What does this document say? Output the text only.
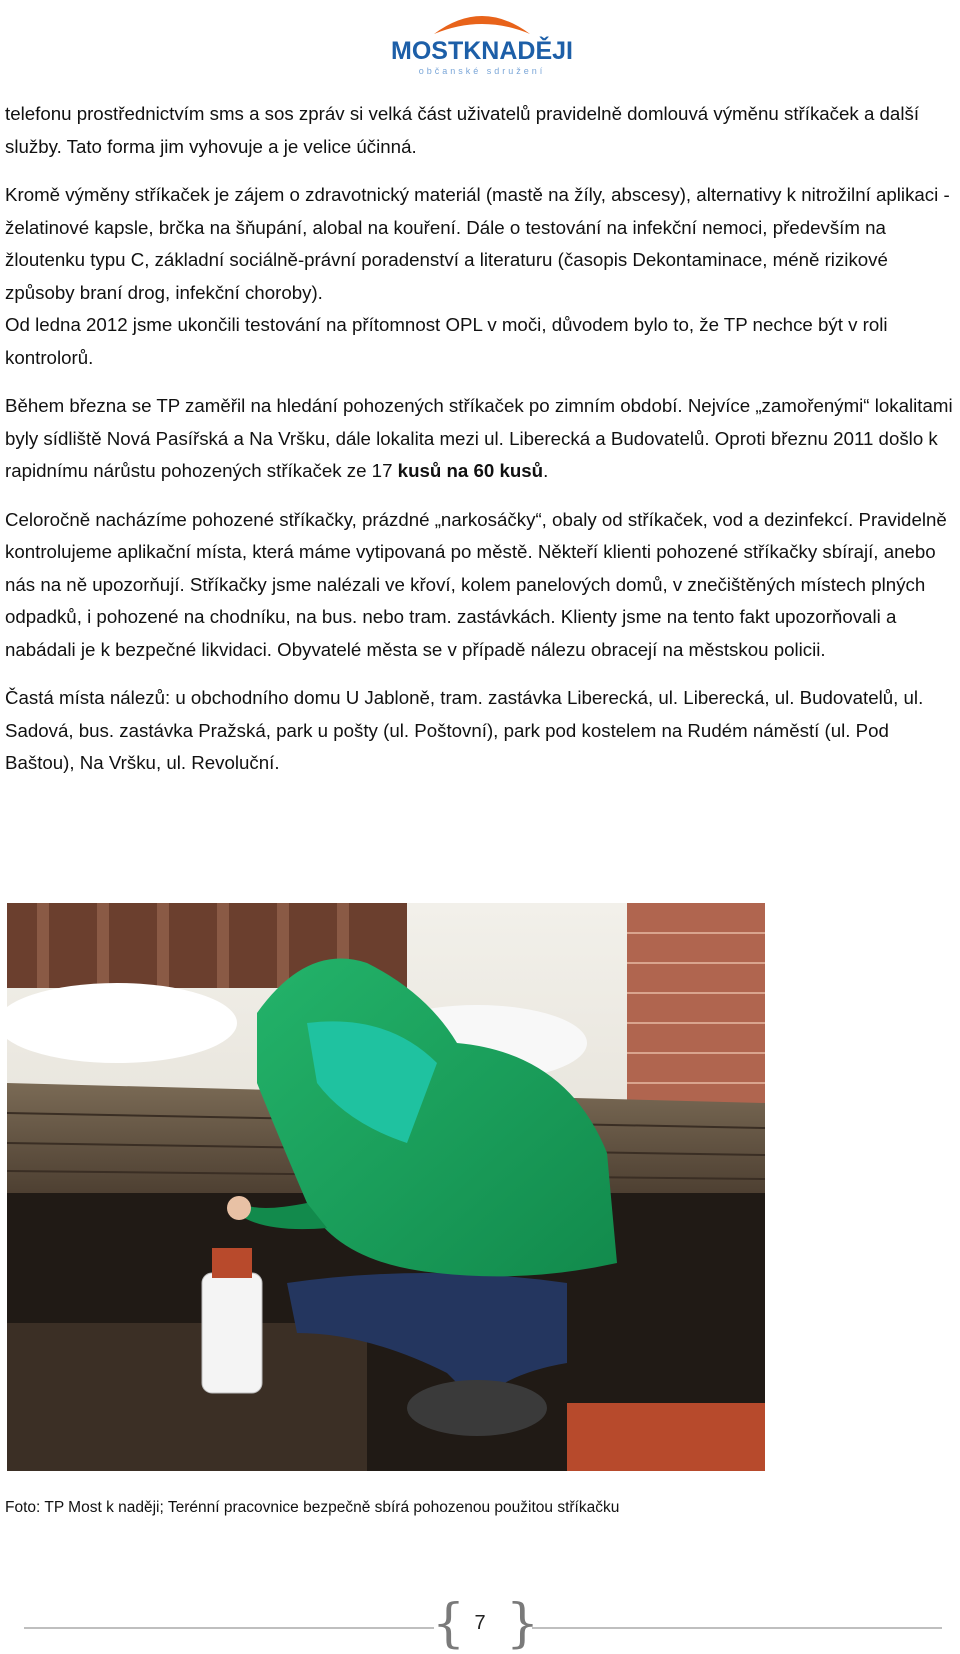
MOSTKNADĚJI
občanské sdružení

telefonu prostřednictvím sms a sos zpráv si velká část uživatelů pravidelně domlouvá výměnu stříkaček a další služby. Tato forma jim vyhovuje a je velice účinná.

Kromě výměny stříkaček je zájem o zdravotnický materiál (mastě na žíly, abscesy), alternativy k nitrožilní aplikaci - želatinové kapsle, brčka na šňupání, alobal na kouření. Dále o testování na infekční nemoci, především na žloutenku typu C, základní sociálně-právní poradenství a literaturu (časopis Dekontaminace, méně rizikové způsoby braní drog, infekční choroby).

Od ledna 2012 jsme ukončili testování na přítomnost OPL v moči, důvodem bylo to, že TP nechce být v roli kontrolorů.

Během března se TP zaměřil na hledání pohozených stříkaček po zimním období. Nejvíce „zamořenými“ lokalitami byly sídliště Nová Pasířská a Na Vršku, dále lokalita mezi ul. Liberecká a Budovatelů. Oproti březnu 2011 došlo k rapidnímu nárůstu pohozených stříkaček ze 17 kusů na 60 kusů.

Celoročně nacházíme pohozené stříkačky, prázdné „narkosáčky“, obaly od stříkaček, vod a dezinfekcí. Pravidelně kontrolujeme aplikační místa, která máme vytipovaná po městě. Někteří klienti pohozené stříkačky sbírají, anebo nás na ně upozorňují. Stříkačky jsme nalézali ve křoví, kolem panelových domů, v znečištěných místech plných odpadků, i pohozené na chodníku, na bus. nebo tram. zastávkách. Klienty jsme na tento fakt upozorňovali a nabádali je k bezpečné likvidaci. Obyvatelé města se v případě nálezu obracejí na městskou policii.

Častá místa nálezů: u obchodního domu U Jabloně, tram. zastávka Liberecká, ul. Liberecká, ul. Budovatelů, ul. Sadová, bus. zastávka Pražská, park u pošty (ul. Poštovní), park pod kostelem na Rudém náměstí (ul. Pod Baštou), Na Vršku, ul. Revoluční.

Foto: TP Most k naději; Terénní pracovnice bezpečně sbírá pohozenou použitou stříkačku
{ }
7
